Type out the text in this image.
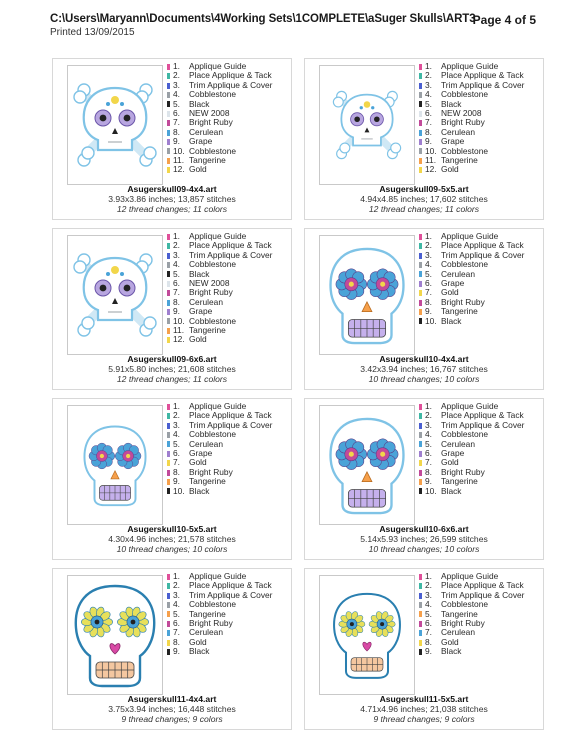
C:\Users\Maryann\Documents\4Working Sets\1COMPLETE\aSuger Skulls\ART3
Page 4 of 5
Printed 13/09/2015
1.	Applique Guide
2.	Place Applique & Tack
3.	Trim Applique & Cover
4.	Cobblestone
5.	Black
6.	NEW 2008
7.	Bright Ruby
8.	Cerulean
9.	Grape
10. Cobblestone
11. Tangerine
12. Gold
Asugerskull09-4x4.art
3.93x3.86 inches; 13,857 stitches
12 thread changes; 11 colors
1.	Applique Guide
2.	Place Applique & Tack
3.	Trim Applique & Cover
4.	Cobblestone
5.	Black
6.	NEW 2008
7.	Bright Ruby
8.	Cerulean
9.	Grape
10. Cobblestone
11. Tangerine
12. Gold
Asugerskull09-5x5.art
4.94x4.85 inches; 17,602 stitches
12 thread changes; 11 colors
1.	Applique Guide
2.	Place Applique & Tack
3.	Trim Applique & Cover
4.	Cobblestone
5.	Black
6.	NEW 2008
7.	Bright Ruby
8.	Cerulean
9.	Grape
10. Cobblestone
11. Tangerine
12. Gold
Asugerskull09-6x6.art
5.91x5.80 inches; 21,608 stitches
12 thread changes; 11 colors
1.	Applique Guide
2.	Place Applique & Tack
3.	Trim Applique & Cover
4.	Cobblestone
5.	Cerulean
6.	Grape
7.	Gold
8.	Bright Ruby
9.	Tangerine
10. Black
Asugerskull10-4x4.art
3.42x3.94 inches; 16,767 stitches
10 thread changes; 10 colors
1.	Applique Guide
2.	Place Applique & Tack
3.	Trim Applique & Cover
4.	Cobblestone
5.	Cerulean
6.	Grape
7.	Gold
8.	Bright Ruby
9.	Tangerine
10. Black
Asugerskull10-5x5.art
4.30x4.96 inches; 21,578 stitches
10 thread changes; 10 colors
1.	Applique Guide
2.	Place Applique & Tack
3.	Trim Applique & Cover
4.	Cobblestone
5.	Cerulean
6.	Grape
7.	Gold
8.	Bright Ruby
9.	Tangerine
10. Black
Asugerskull10-6x6.art
5.14x5.93 inches; 26,599 stitches
10 thread changes; 10 colors
1.	Applique Guide
2.	Place Applique & Tack
3.	Trim Applique & Cover
4.	Cobblestone
5.	Tangerine
6.	Bright Ruby
7.	Cerulean
8.	Gold
9.	Black
Asugerskull11-4x4.art
3.75x3.94 inches; 16,448 stitches
9 thread changes; 9 colors
1.	Applique Guide
2.	Place Applique & Tack
3.	Trim Applique & Cover
4.	Cobblestone
5.	Tangerine
6.	Bright Ruby
7.	Cerulean
8.	Gold
9.	Black
Asugerskull11-5x5.art
4.71x4.96 inches; 21,038 stitches
9 thread changes; 9 colors
